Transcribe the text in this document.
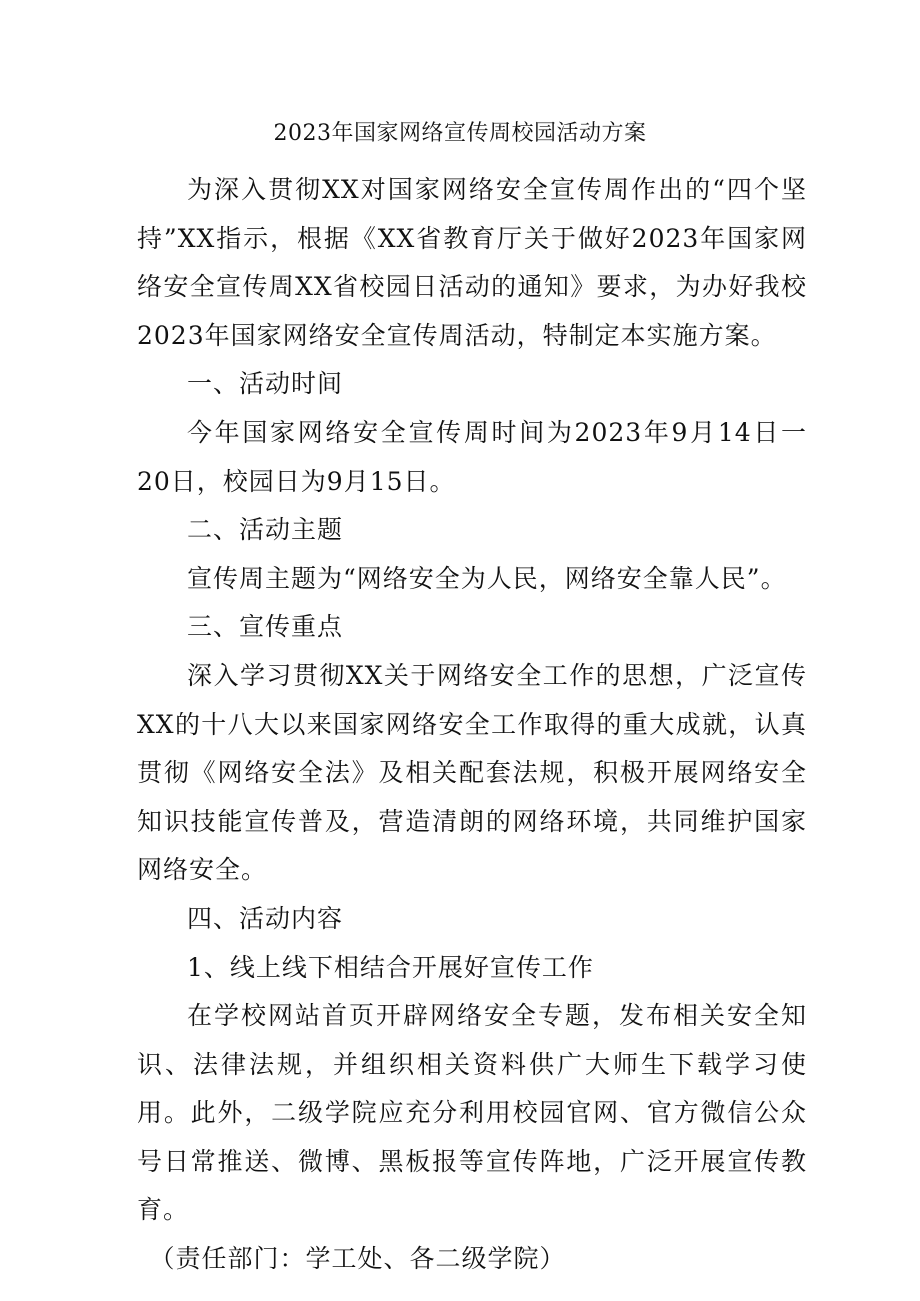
2023年国家网络宣传周校园活动方案

为深入贯彻XX对国家网络安全宣传周作出的“四个坚持”XX指示，根据《XX省教育厅关于做好2023年国家网络安全宣传周XX省校园日活动的通知》要求，为办好我校2023年国家网络安全宣传周活动，特制定本实施方案。

一、活动时间

今年国家网络安全宣传周时间为2023年9月14日一20日，校园日为9月15日。

二、活动主题

宣传周主题为“网络安全为人民，网络安全靠人民”。

三、宣传重点

深入学习贯彻XX关于网络安全工作的思想，广泛宣传XX的十八大以来国家网络安全工作取得的重大成就，认真贯彻《网络安全法》及相关配套法规，积极开展网络安全知识技能宣传普及，营造清朗的网络环境，共同维护国家网络安全。

四、活动内容

1、线上线下相结合开展好宣传工作

在学校网站首页开辟网络安全专题，发布相关安全知识、法律法规，并组织相关资料供广大师生下载学习使用。此外，二级学院应充分利用校园官网、官方微信公众号日常推送、微博、黑板报等宣传阵地，广泛开展宣传教育。

（责任部门：学工处、各二级学院）
